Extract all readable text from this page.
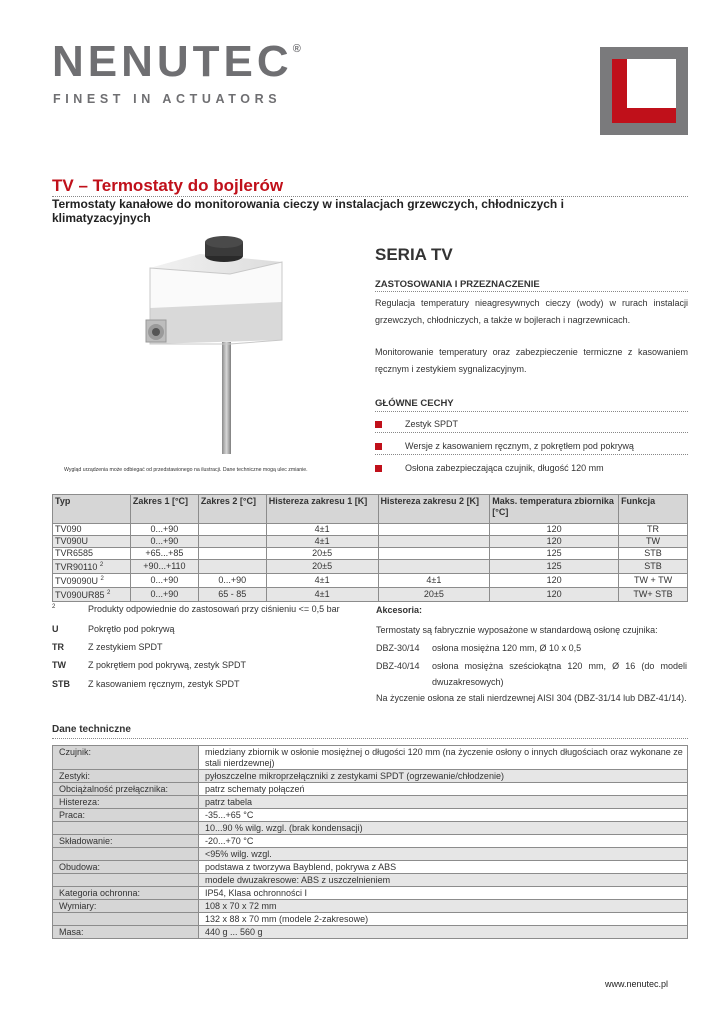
NENUTEC®
FINEST IN ACTUATORS
TV – Termostaty do bojlerów
Termostaty kanałowe do monitorowania cieczy w instalacjach grzewczych, chłodniczych i klimatyzacyjnych
Wygląd urządzenia może odbiegać od przedstawionego na ilustracji. Dane techniczne mogą ulec zmianie.
SERIA TV
ZASTOSOWANIA I PRZEZNACZENIE
Regulacja temperatury nieagresywnych cieczy (wody) w rurach instalacji grzewczych, chłodniczych, a także w bojlerach i nagrzewnicach.
Monitorowanie temperatury oraz zabezpieczenie termiczne z kasowaniem ręcznym i zestykiem sygnalizacyjnym.
GŁÓWNE CECHY
Zestyk SPDT
Wersje z kasowaniem ręcznym, z pokrętłem pod pokrywą
Osłona zabezpieczająca czujnik, długość 120 mm
Typ	Zakres 1 [°C]	Zakres 2 [°C]	Histereza zakresu 1 [K]	Histereza zakresu 2 [K]	Maks. temperatura zbiornika [°C]	Funkcja
TV090	0...+90		4±1		120	TR
TV090U	0...+90		4±1		120	TW
TVR6585	+65...+85		20±5		125	STB
TVR90110 $^2$	+90...+110		20±5		125	STB
TV09090U $^2$	0...+90	0...+90	4±1	4±1	120	TW + TW
TV090UR85 $^2$	0...+90	65 - 85	4±1	20±5	120	TW+ STB
2	Produkty odpowiednie do zastosowań przy ciśnieniu <= 0,5 bar
U	Pokrętło pod pokrywą
TR	Z zestykiem SPDT
TW	Z pokrętłem pod pokrywą, zestyk SPDT
STB	Z kasowaniem ręcznym, zestyk SPDT
Akcesoria:
Termostaty są fabrycznie wyposażone w standardową osłonę czujnika:
DBZ-30/14	osłona mosiężna 120 mm, Ø 10 x 0,5
DBZ-40/14	osłona mosiężna sześciokątna 120 mm, Ø 16 (do modeli dwuzakresowych)
Na życzenie osłona ze stali nierdzewnej AISI 304 (DBZ-31/14 lub DBZ-41/14).
Dane techniczne
Czujnik:	miedziany zbiornik w osłonie mosiężnej o długości 120 mm (na życzenie osłony o innych długościach oraz wykonane ze stali nierdzewnej)
Zestyki:	pyłoszczelne mikroprzełączniki z zestykami SPDT (ogrzewanie/chłodzenie)
Obciążalność przełącznika:	patrz schematy połączeń
Histereza:	patrz tabela
Praca:	-35...+65 °C
	10...90 % wilg. wzgl. (brak kondensacji)
Składowanie:	-20...+70 °C
	<95% wilg. wzgl.
Obudowa:	podstawa z tworzywa Bayblend, pokrywa z ABS
	modele dwuzakresowe: ABS z uszczelnieniem
Kategoria ochronna:	IP54, Klasa ochronności I
Wymiary:	108 x 70 x 72 mm
	132 x 88 x 70 mm (modele 2-zakresowe)
Masa:	440 g ... 560 g
www.nenutec.pl
